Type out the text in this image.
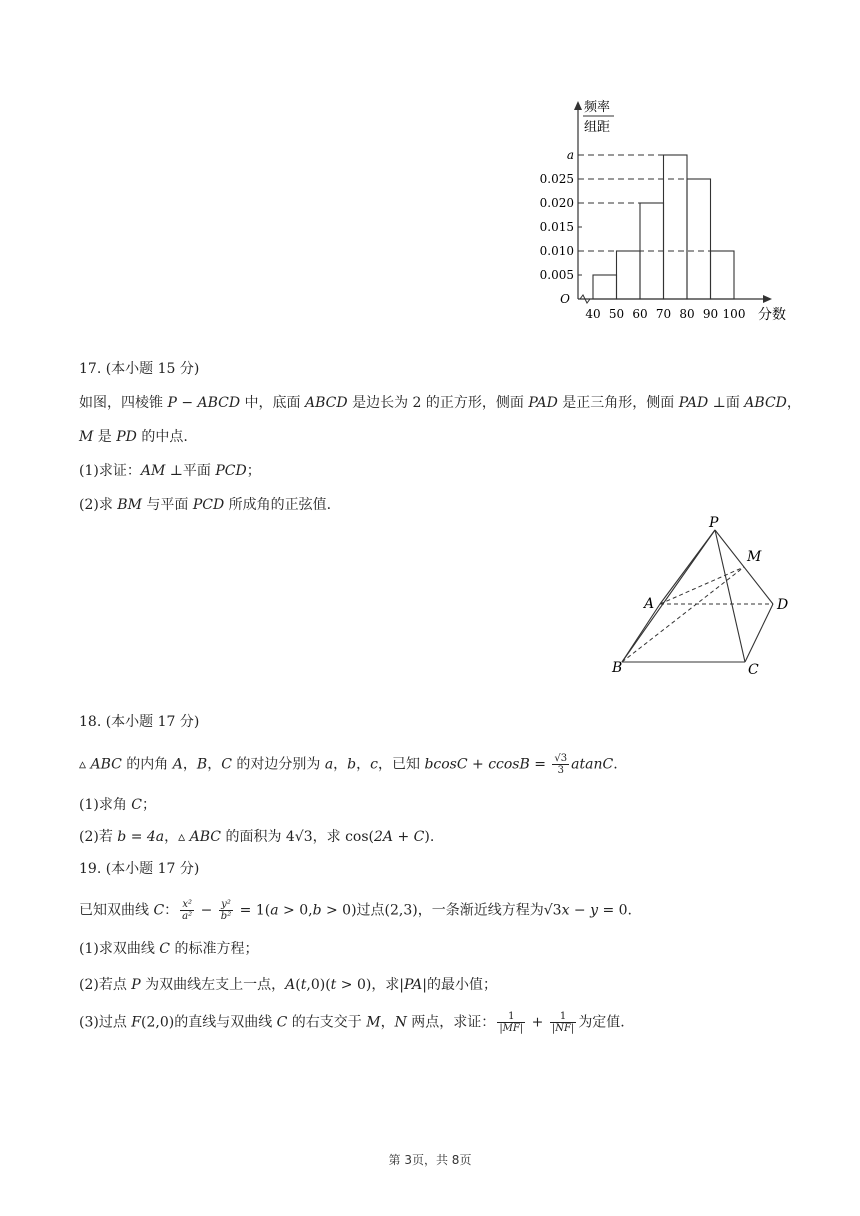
频率
组距
0.005
0.010
0.015
0.020
0.025
a
40 50 60 70 80 90 100
O
分数
17. (本小题 15 分)
如图，四棱锥 P − ABCD 中，底面 ABCD 是边长为 2 的正方形，侧面 PAD 是正三角形，侧面 PAD ⊥面 ABCD，
M 是 PD 的中点.
(1)求证：AM ⊥平面 PCD；
(2)求 BM 与平面 PCD 所成角的正弦值.
P
M
A	D
B	C
18. (本小题 17 分)
▵ ABC 的内角 A，B，C 的对边分别为 a，b，c，已知 $bcosC + ccosB = \frac{√3}{3} atanC$.
(1)求角 C；
(2)若 b = 4a，▵ ABC 的面积为 4√3，求 cos(2A + C).
19. (本小题 17 分)
已知双曲线 C： $\frac{\text{x²}}{\text{a²}} - \frac{\text{y²}}{\text{b²}} = 1(a > 0,b > 0)$过点(2,3)，一条渐近线方程为√3x − y = 0.
(1)求双曲线 C 的标准方程；
(2)若点 P 为双曲线左支上一点，A(t,0)(t > 0)，求|PA|的最小值；
(3)过点 F(2,0)的直线与双曲线 C 的右支交于 M，N 两点，求证： $\frac{1}{|MF|} + \frac{1}{|NF|}$ 为定值.
第 3页，共 8页
